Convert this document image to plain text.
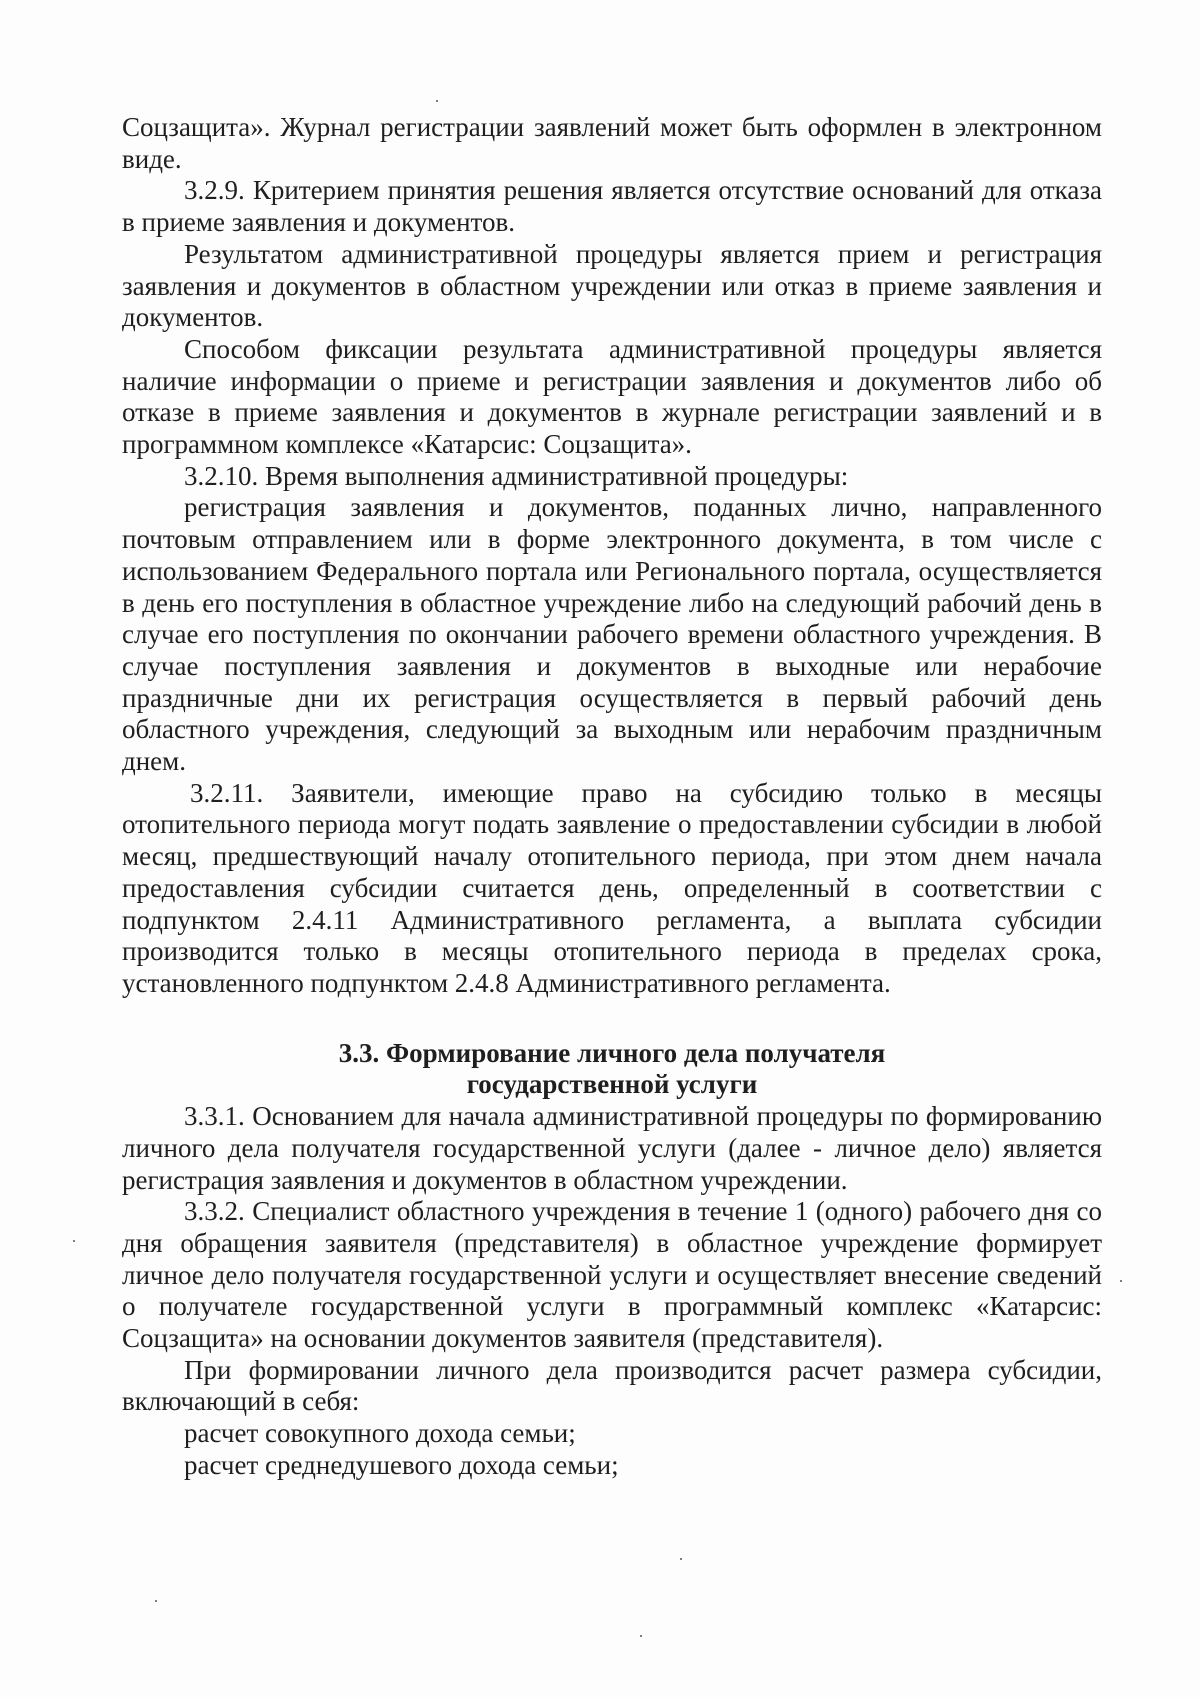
Соцзащита». Журнал регистрации заявлений может быть оформлен в электронном виде.

3.2.9. Критерием принятия решения является отсутствие оснований для отказа в приеме заявления и документов.

Результатом административной процедуры является прием и регистрация заявления и документов в областном учреждении или отказ в приеме заявления и документов.

Способом фиксации результата административной процедуры является наличие информации о приеме и регистрации заявления и документов либо об отказе в приеме заявления и документов в журнале регистрации заявлений и в программном комплексе «Катарсис: Соцзащита».

3.2.10. Время выполнения административной процедуры:

регистрация заявления и документов, поданных лично, направленного почтовым отправлением или в форме электронного документа, в том числе с использованием Федерального портала или Регионального портала, осуществляется в день его поступления в областное учреждение либо на следующий рабочий день в случае его поступления по окончании рабочего времени областного учреждения. В случае поступления заявления и документов в выходные или нерабочие праздничные дни их регистрация осуществляется в первый рабочий день областного учреждения, следующий за выходным или нерабочим праздничным днем.

3.2.11. Заявители, имеющие право на субсидию только в месяцы отопительного периода могут подать заявление о предоставлении субсидии в любой месяц, предшествующий началу отопительного периода, при этом днем начала предоставления субсидии считается день, определенный в соответствии с подпунктом 2.4.11 Административного регламента, а выплата субсидии производится только в месяцы отопительного периода в пределах срока, установленного подпунктом 2.4.8 Административного регламента.

3.3. Формирование личного дела получателя
государственной услуги

3.3.1. Основанием для начала административной процедуры по формированию личного дела получателя государственной услуги (далее - личное дело) является регистрация заявления и документов в областном учреждении.

3.3.2. Специалист областного учреждения в течение 1 (одного) рабочего дня со дня обращения заявителя (представителя) в областное учреждение формирует личное дело получателя государственной услуги и осуществляет внесение сведений о получателе государственной услуги в программный комплекс «Катарсис: Соцзащита» на основании документов заявителя (представителя).

При формировании личного дела производится расчет размера субсидии, включающий в себя:

расчет совокупного дохода семьи;

расчет среднедушевого дохода семьи;
